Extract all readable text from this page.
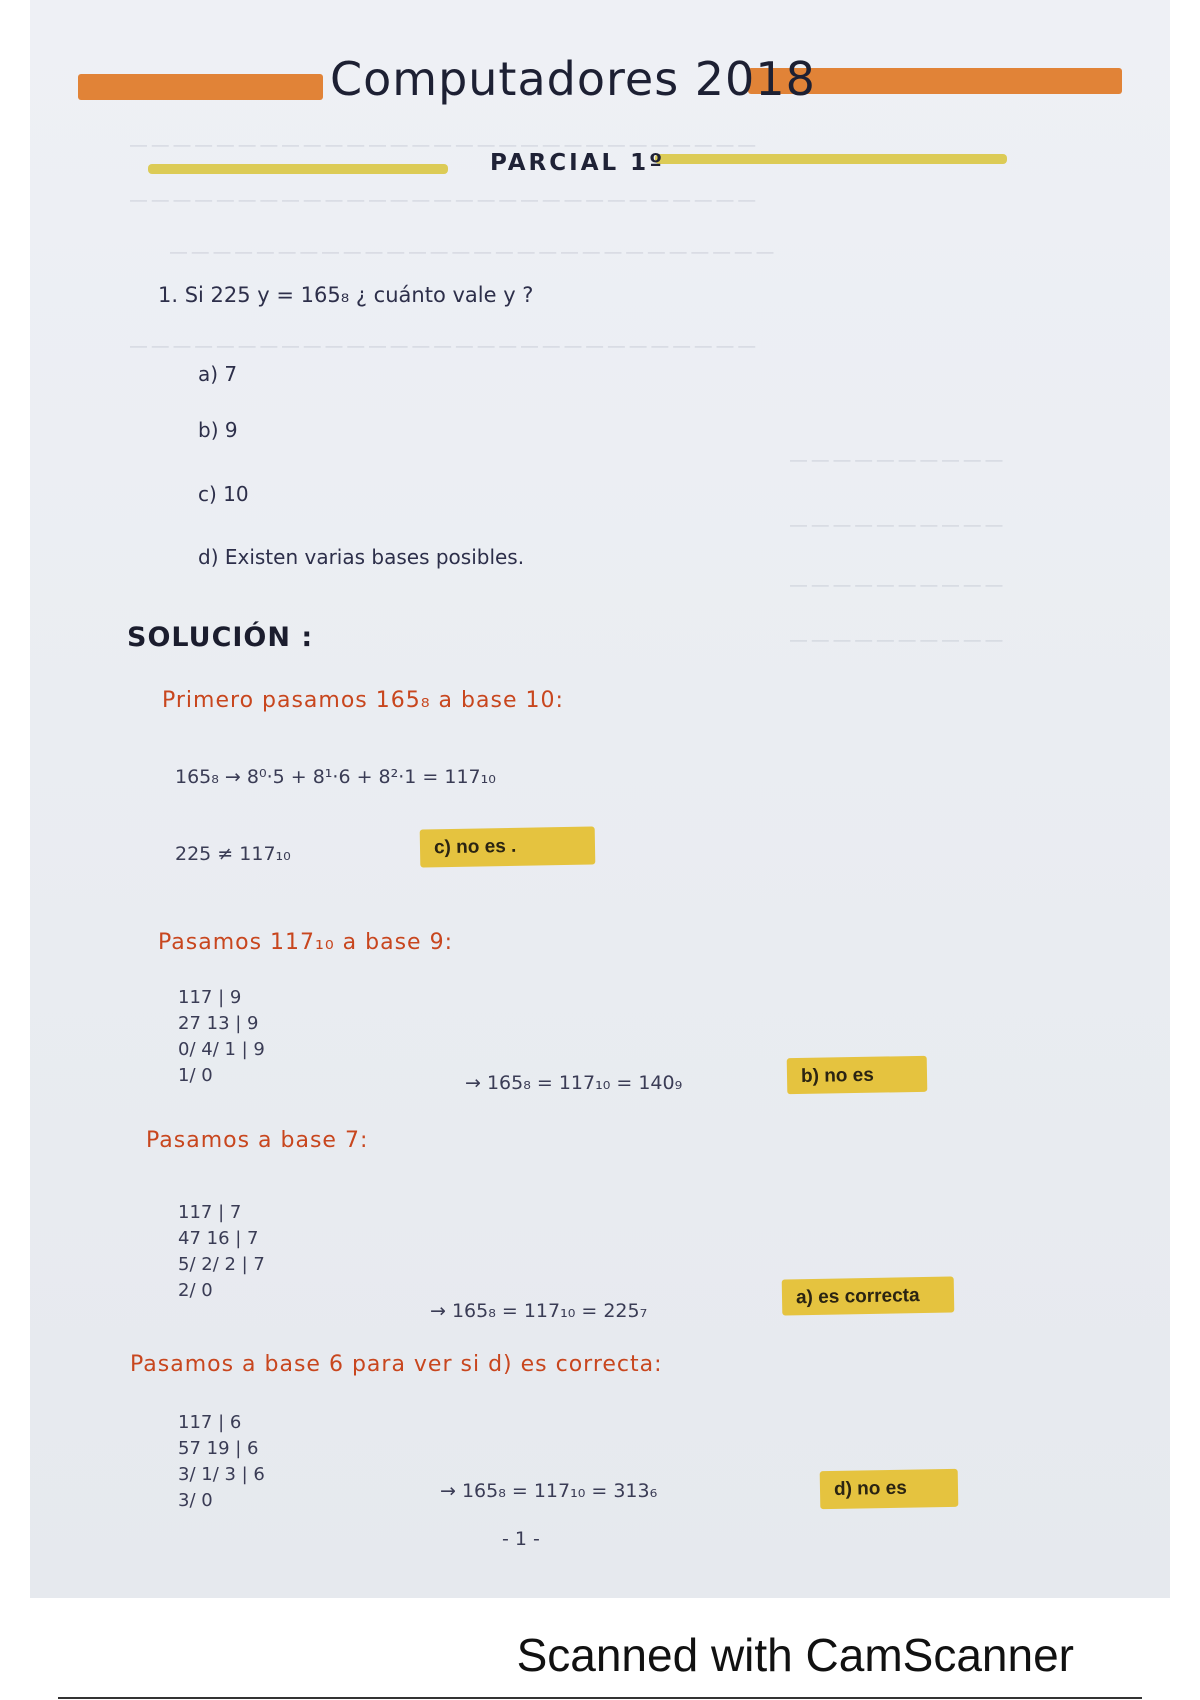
— — — — — — — — — — — — — — — — — — — — — — — — — — — — —
— — — — — — — — — — — — — — — — — — — — — — — — — — — — —
— — — — — — — — — — — — — — — — — — — — — — — — — — — —
— — — — — — — — — — — — — — — — — — — — — — — — — — — — —
— — — — — — — — — —
— — — — — — — — — —
— — — — — — — — — —
— — — — — — — — — —
Computadores 2018
PARCIAL 1º
1. Si 225 y = 165₈ ¿ cuánto vale y ?
a) 7
b) 9
c) 10
d) Existen varias bases posibles.
SOLUCIÓN :
Primero pasamos 165₈ a base 10:
165₈ → 8⁰·5 + 8¹·6 + 8²·1 = 117₁₀
225 ≠ 117₁₀	c) no es .
Pasamos 117₁₀ a base 9:
117 | 9
27 13 | 9
0/ 4/ 1 | 9
1/ 0	→ 165₈ = 117₁₀ = 140₉	b) no es
Pasamos a base 7:
117 | 7
47 16 | 7
5/ 2/ 2 | 7
2/ 0
→ 165₈ = 117₁₀ = 225₇
a) es correcta
Pasamos a base 6 para ver si d) es correcta:
117 | 6
57 19 | 6
3/ 1/ 3 | 6
3/ 0	→ 165₈ = 117₁₀ = 313₆	d) no es
- 1 -
Scanned with CamScanner
